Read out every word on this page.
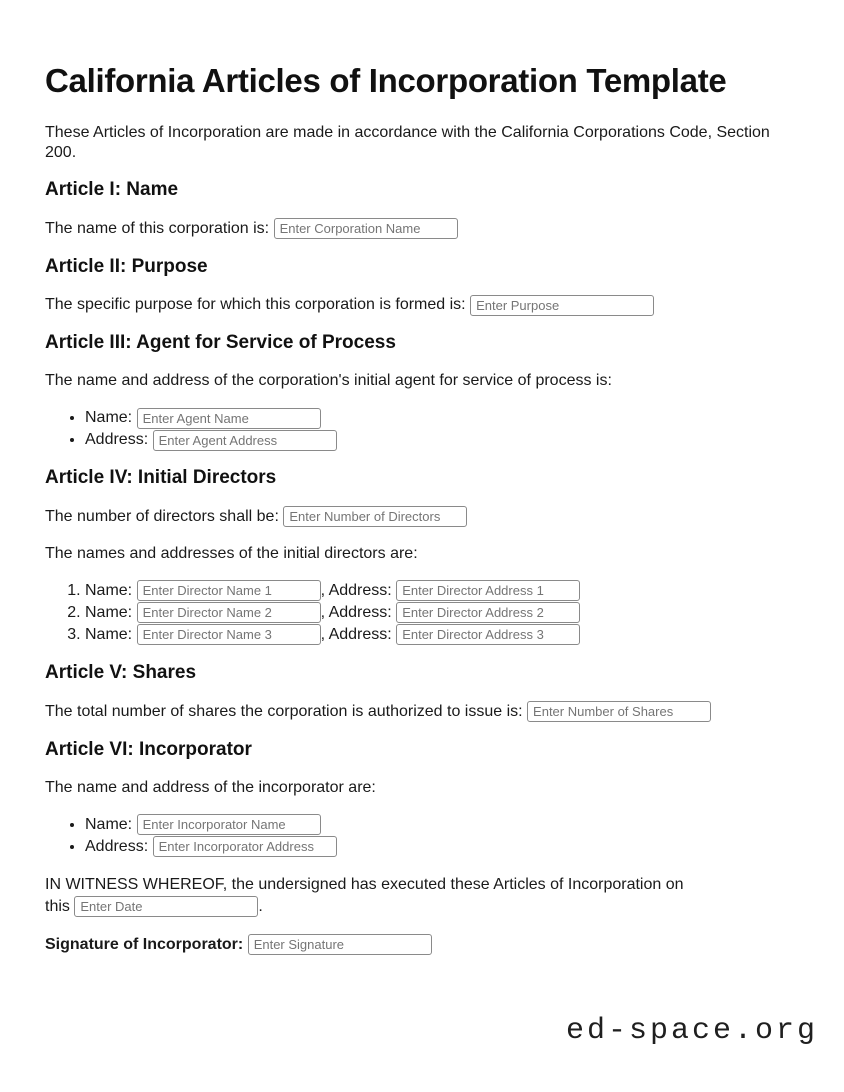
California Articles of Incorporation Template

These Articles of Incorporation are made in accordance with the California Corporations Code, Section 200.

Article I: Name

The name of this corporation is: Enter Corporation Name

Article II: Purpose

The specific purpose for which this corporation is formed is: Enter Purpose

Article III: Agent for Service of Process

The name and address of the corporation's initial agent for service of process is:

• Name: Enter Agent Name
• Address: Enter Agent Address
Article IV: Initial Directors

The number of directors shall be: Enter Number of Directors

The names and addresses of the initial directors are:

1. Name: Enter Director Name 1	, Address: Enter Director Address 1
2. Name: Enter Director Name 2	, Address: Enter Director Address 2
3. Name: Enter Director Name 3	, Address: Enter Director Address 3
Article V: Shares

The total number of shares the corporation is authorized to issue is: Enter Number of Shares

Article VI: Incorporator

The name and address of the incorporator are:

• Name: Enter Incorporator Name
• Address: Enter Incorporator Address

IN WITNESS WHEREOF, the undersigned has executed these Articles of Incorporation on
this Enter Date	.

Signature of Incorporator: Enter Signature

ed-space.org
